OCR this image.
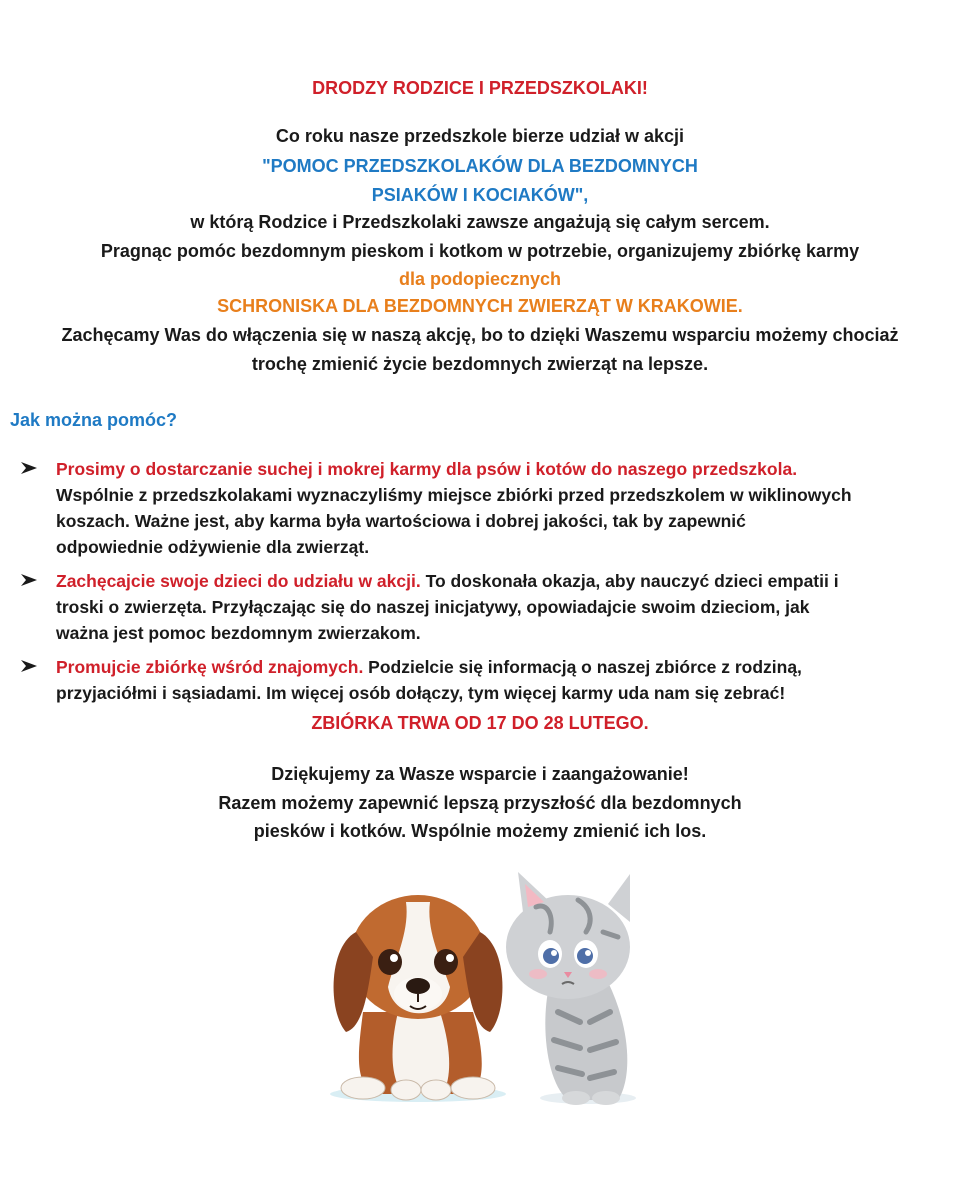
DRODZY RODZICE I PRZEDSZKOLAKI!
Co roku nasze przedszkole bierze udział w akcji
"POMOC PRZEDSZKOLAKÓW DLA BEZDOMNYCH
PSIAKÓW I KOCIAKÓW",
w którą Rodzice i Przedszkolaki zawsze angażują się całym sercem.
Pragnąc pomóc bezdomnym pieskom i kotkom w potrzebie, organizujemy zbiórkę karmy
dla podopiecznych
SCHRONISKA DLA BEZDOMNYCH ZWIERZĄT W KRAKOWIE.
Zachęcamy Was do włączenia się w naszą akcję, bo to dzięki Waszemu wsparciu możemy chociaż
trochę zmienić życie bezdomnych zwierząt na lepsze.
Jak można pomóc?

Prosimy o dostarczanie suchej i mokrej karmy dla psów i kotów do naszego przedszkola.

Wspólnie z przedszkolakami wyznaczyliśmy miejsce zbiórki przed przedszkolem w wiklinowych

koszach. Ważne jest, aby karma była wartościowa i dobrej jakości, tak by zapewnić

odpowiednie odżywienie dla zwierząt.

Zachęcajcie swoje dzieci do udziału w akcji. To doskonała okazja, aby nauczyć dzieci empatii i

troski o zwierzęta. Przyłączając się do naszej inicjatywy, opowiadajcie swoim dzieciom, jak

ważna jest pomoc bezdomnym zwierzakom.

Promujcie zbiórkę wśród znajomych. Podzielcie się informacją o naszej zbiórce z rodziną,

przyjaciółmi i sąsiadami. Im więcej osób dołączy, tym więcej karmy uda nam się zebrać!

ZBIÓRKA TRWA OD 17 DO 28 LUTEGO.
Dziękujemy za Wasze wsparcie i zaangażowanie!
Razem możemy zapewnić lepszą przyszłość dla bezdomnych
piesków i kotków. Wspólnie możemy zmienić ich los.
